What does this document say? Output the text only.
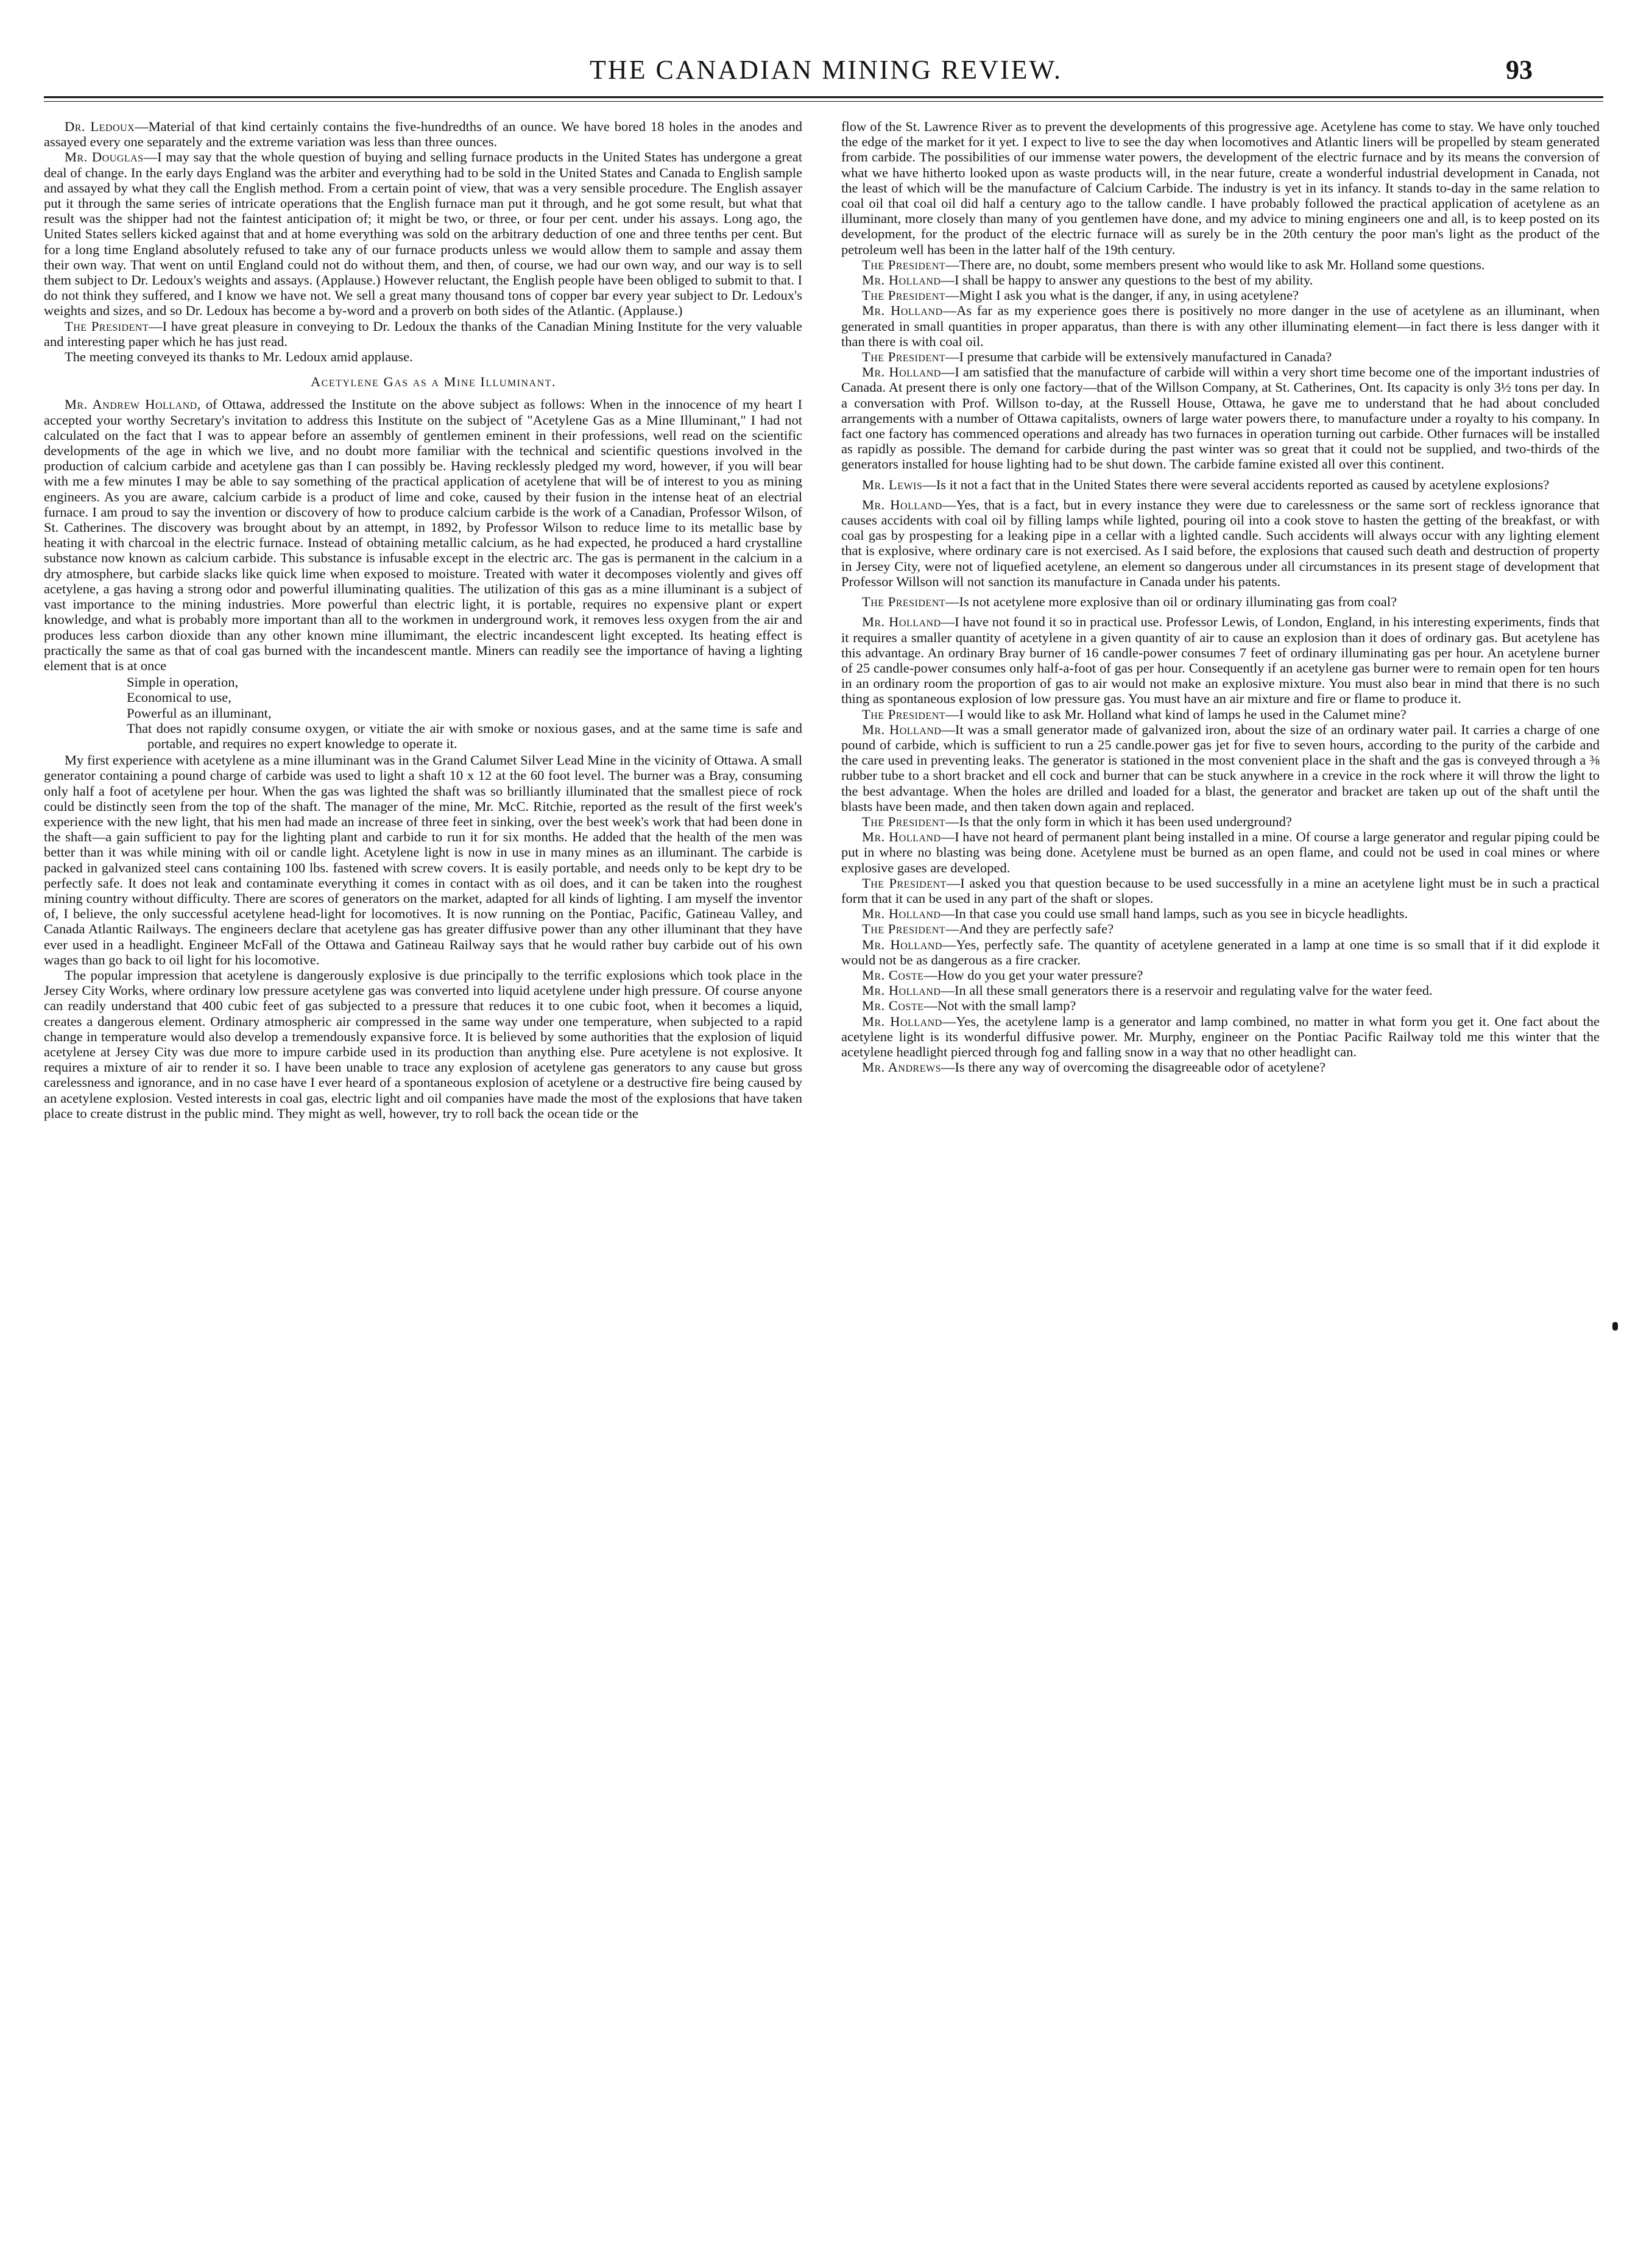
THE CANADIAN MINING REVIEW.	93

Dr. Ledoux—Material of that kind certainly contains the five-hundredths of an ounce. We have bored 18 holes in the anodes and assayed every one separately and the extreme variation was less than three ounces.

Mr. Douglas—I may say that the whole question of buying and selling furnace products in the United States has undergone a great deal of change. In the early days England was the arbiter and everything had to be sold in the United States and Canada to English sample and assayed by what they call the English method. From a certain point of view, that was a very sensible procedure. The English assayer put it through the same series of intricate operations that the English furnace man put it through, and he got some result, but what that result was the shipper had not the faintest anticipation of; it might be two, or three, or four per cent. under his assays. Long ago, the United States sellers kicked against that and at home everything was sold on the arbitrary deduction of one and three tenths per cent. But for a long time England absolutely refused to take any of our furnace products unless we would allow them to sample and assay them their own way. That went on until England could not do without them, and then, of course, we had our own way, and our way is to sell them subject to Dr. Ledoux's weights and assays. (Applause.) However reluctant, the English people have been obliged to submit to that. I do not think they suffered, and I know we have not. We sell a great many thousand tons of copper bar every year subject to Dr. Ledoux's weights and sizes, and so Dr. Ledoux has become a by-word and a proverb on both sides of the Atlantic. (Applause.)

The President—I have great pleasure in conveying to Dr. Ledoux the thanks of the Canadian Mining Institute for the very valuable and interesting paper which he has just read.

The meeting conveyed its thanks to Mr. Ledoux amid applause.

Acetylene Gas as a Mine Illuminant.

Mr. Andrew Holland, of Ottawa, addressed the Institute on the above subject as follows: When in the innocence of my heart I accepted your worthy Secretary's invitation to address this Institute on the subject of "Acetylene Gas as a Mine Illuminant," I had not calculated on the fact that I was to appear before an assembly of gentlemen eminent in their professions, well read on the scientific developments of the age in which we live, and no doubt more familiar with the technical and scientific questions involved in the production of calcium carbide and acetylene gas than I can possibly be. Having recklessly pledged my word, however, if you will bear with me a few minutes I may be able to say something of the practical application of acetylene that will be of interest to you as mining engineers. As you are aware, calcium carbide is a product of lime and coke, caused by their fusion in the intense heat of an electrial furnace. I am proud to say the invention or discovery of how to produce calcium carbide is the work of a Canadian, Professor Wilson, of St. Catherines. The discovery was brought about by an attempt, in 1892, by Professor Wilson to reduce lime to its metallic base by heating it with charcoal in the electric furnace. Instead of obtaining metallic calcium, as he had expected, he produced a hard crystalline substance now known as calcium carbide. This substance is infusable except in the electric arc. The gas is permanent in the calcium in a dry atmosphere, but carbide slacks like quick lime when exposed to moisture. Treated with water it decomposes violently and gives off acetylene, a gas having a strong odor and powerful illuminating qualities. The utilization of this gas as a mine illuminant is a subject of vast importance to the mining industries. More powerful than electric light, it is portable, requires no expensive plant or expert knowledge, and what is probably more important than all to the workmen in underground work, it removes less oxygen from the air and produces less carbon dioxide than any other known mine illumimant, the electric incandescent light excepted. Its heating effect is practically the same as that of coal gas burned with the incandescent mantle. Miners can readily see the importance of having a lighting element that is at once

Simple in operation,
Economical to use,
Powerful as an illuminant,
That does not rapidly consume oxygen, or vitiate the air with smoke or noxious gases, and at the same time is safe and portable, and requires no expert knowledge to operate it.

My first experience with acetylene as a mine illuminant was in the Grand Calumet Silver Lead Mine in the vicinity of Ottawa. A small generator containing a pound charge of carbide was used to light a shaft 10 x 12 at the 60 foot level. The burner was a Bray, consuming only half a foot of acetylene per hour. When the gas was lighted the shaft was so brilliantly illuminated that the smallest piece of rock could be distinctly seen from the top of the shaft. The manager of the mine, Mr. McC. Ritchie, reported as the result of the first week's experience with the new light, that his men had made an increase of three feet in sinking, over the best week's work that had been done in the shaft—a gain sufficient to pay for the lighting plant and carbide to run it for six months. He added that the health of the men was better than it was while mining with oil or candle light. Acetylene light is now in use in many mines as an illuminant. The carbide is packed in galvanized steel cans containing 100 lbs. fastened with screw covers. It is easily portable, and needs only to be kept dry to be perfectly safe. It does not leak and contaminate everything it comes in contact with as oil does, and it can be taken into the roughest mining country without difficulty. There are scores of generators on the market, adapted for all kinds of lighting. I am myself the inventor of, I believe, the only successful acetylene head-light for locomotives. It is now running on the Pontiac, Pacific, Gatineau Valley, and Canada Atlantic Railways. The engineers declare that acetylene gas has greater diffusive power than any other illuminant that they have ever used in a headlight. Engineer McFall of the Ottawa and Gatineau Railway says that he would rather buy carbide out of his own wages than go back to oil light for his locomotive.

The popular impression that acetylene is dangerously explosive is due principally to the terrific explosions which took place in the Jersey City Works, where ordinary low pressure acetylene gas was converted into liquid acetylene under high pressure. Of course anyone can readily understand that 400 cubic feet of gas subjected to a pressure that reduces it to one cubic foot, when it becomes a liquid, creates a dangerous element. Ordinary atmospheric air compressed in the same way under one temperature, when subjected to a rapid change in temperature would also develop a tremendously expansive force. It is believed by some authorities that the explosion of liquid acetylene at Jersey City was due more to impure carbide used in its production than anything else. Pure acetylene is not explosive. It requires a mixture of air to render it so. I have been unable to trace any explosion of acetylene gas generators to any cause but gross carelessness and ignorance, and in no case have I ever heard of a spontaneous explosion of acetylene or a destructive fire being caused by an acetylene explosion. Vested interests in coal gas, electric light and oil companies have made the most of the explosions that have taken place to create distrust in the public mind. They might as well, however, try to roll back the ocean tide or the

flow of the St. Lawrence River as to prevent the developments of this progressive age. Acetylene has come to stay. We have only touched the edge of the market for it yet. I expect to live to see the day when locomotives and Atlantic liners will be propelled by steam generated from carbide. The possibilities of our immense water powers, the development of the electric furnace and by its means the conversion of what we have hitherto looked upon as waste products will, in the near future, create a wonderful industrial development in Canada, not the least of which will be the manufacture of Calcium Carbide. The industry is yet in its infancy. It stands to-day in the same relation to coal oil that coal oil did half a century ago to the tallow candle. I have probably followed the practical application of acetylene as an illuminant, more closely than many of you gentlemen have done, and my advice to mining engineers one and all, is to keep posted on its development, for the product of the electric furnace will as surely be in the 20th century the poor man's light as the product of the petroleum well has been in the latter half of the 19th century.

The President—There are, no doubt, some members present who would like to ask Mr. Holland some questions.

Mr. Holland—I shall be happy to answer any questions to the best of my ability.

The President—Might I ask you what is the danger, if any, in using acetylene?

Mr. Holland—As far as my experience goes there is positively no more danger in the use of acetylene as an illuminant, when generated in small quantities in proper apparatus, than there is with any other illuminating element—in fact there is less danger with it than there is with coal oil.

The President—I presume that carbide will be extensively manufactured in Canada?

Mr. Holland—I am satisfied that the manufacture of carbide will within a very short time become one of the important industries of Canada. At present there is only one factory—that of the Willson Company, at St. Catherines, Ont. Its capacity is only 3½ tons per day. In a conversation with Prof. Willson to-day, at the Russell House, Ottawa, he gave me to understand that he had about concluded arrangements with a number of Ottawa capitalists, owners of large water powers there, to manufacture under a royalty to his company. In fact one factory has commenced operations and already has two furnaces in operation turning out carbide. Other furnaces will be installed as rapidly as possible. The demand for carbide during the past winter was so great that it could not be supplied, and two-thirds of the generators installed for house lighting had to be shut down. The carbide famine existed all over this continent.

Mr. Lewis—Is it not a fact that in the United States there were several accidents reported as caused by acetylene explosions?

Mr. Holland—Yes, that is a fact, but in every instance they were due to carelessness or the same sort of reckless ignorance that causes accidents with coal oil by filling lamps while lighted, pouring oil into a cook stove to hasten the getting of the breakfast, or with coal gas by prospesting for a leaking pipe in a cellar with a lighted candle. Such accidents will always occur with any lighting element that is explosive, where ordinary care is not exercised. As I said before, the explosions that caused such death and destruction of property in Jersey City, were not of liquefied acetylene, an element so dangerous under all circumstances in its present stage of development that Professor Willson will not sanction its manufacture in Canada under his patents.

The President—Is not acetylene more explosive than oil or ordinary illuminating gas from coal?

Mr. Holland—I have not found it so in practical use. Professor Lewis, of London, England, in his interesting experiments, finds that it requires a smaller quantity of acetylene in a given quantity of air to cause an explosion than it does of ordinary gas. But acetylene has this advantage. An ordinary Bray burner of 16 candle-power consumes 7 feet of ordinary illuminating gas per hour. An acetylene burner of 25 candle-power consumes only half-a-foot of gas per hour. Consequently if an acetylene gas burner were to remain open for ten hours in an ordinary room the proportion of gas to air would not make an explosive mixture. You must also bear in mind that there is no such thing as spontaneous explosion of low pressure gas. You must have an air mixture and fire or flame to produce it.

The President—I would like to ask Mr. Holland what kind of lamps he used in the Calumet mine?

Mr. Holland—It was a small generator made of galvanized iron, about the size of an ordinary water pail. It carries a charge of one pound of carbide, which is sufficient to run a 25 candle.power gas jet for five to seven hours, according to the purity of the carbide and the care used in preventing leaks. The generator is stationed in the most convenient place in the shaft and the gas is conveyed through a ⅜ rubber tube to a short bracket and ell cock and burner that can be stuck anywhere in a crevice in the rock where it will throw the light to the best advantage. When the holes are drilled and loaded for a blast, the generator and bracket are taken up out of the shaft until the blasts have been made, and then taken down again and replaced.

The President—Is that the only form in which it has been used underground?

Mr. Holland—I have not heard of permanent plant being installed in a mine. Of course a large generator and regular piping could be put in where no blasting was being done. Acetylene must be burned as an open flame, and could not be used in coal mines or where explosive gases are developed.

The President—I asked you that question because to be used successfully in a mine an acetylene light must be in such a practical form that it can be used in any part of the shaft or slopes.

Mr. Holland—In that case you could use small hand lamps, such as you see in bicycle headlights.

The President—And they are perfectly safe?

Mr. Holland—Yes, perfectly safe. The quantity of acetylene generated in a lamp at one time is so small that if it did explode it would not be as dangerous as a fire cracker.

Mr. Coste—How do you get your water pressure?

Mr. Holland—In all these small generators there is a reservoir and regulating valve for the water feed.

Mr. Coste—Not with the small lamp?

Mr. Holland—Yes, the acetylene lamp is a generator and lamp combined, no matter in what form you get it. One fact about the acetylene light is its wonderful diffusive power. Mr. Murphy, engineer on the Pontiac Pacific Railway told me this winter that the acetylene headlight pierced through fog and falling snow in a way that no other headlight can.

Mr. Andrews—Is there any way of overcoming the disagreeable odor of acetylene?
